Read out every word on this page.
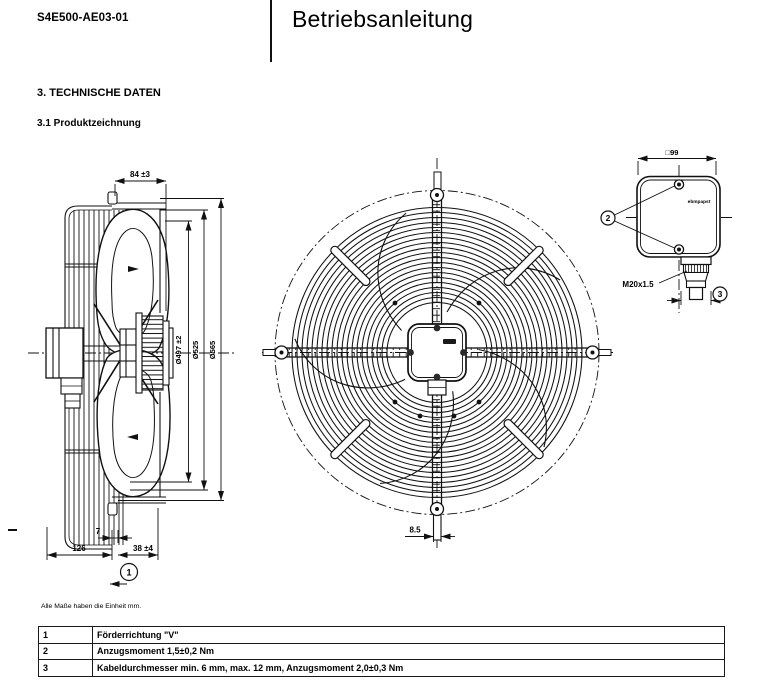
S4E500-AE03-01	Betriebsanleitung
3. TECHNISCHE DATEN
3.1 Produktzeichnung
84 ±3
Ø497 ±2 Ø525 Ø565
7
126	38 ±4
1
8.5
□99
2
ebmpapst
M20x1.5
3
Alle Maße haben die Einheit mm.
1	Förderrichtung "V"
2	Anzugsmoment 1,5±0,2 Nm
3	Kabeldurchmesser min. 6 mm, max. 12 mm, Anzugsmoment 2,0±0,3 Nm
